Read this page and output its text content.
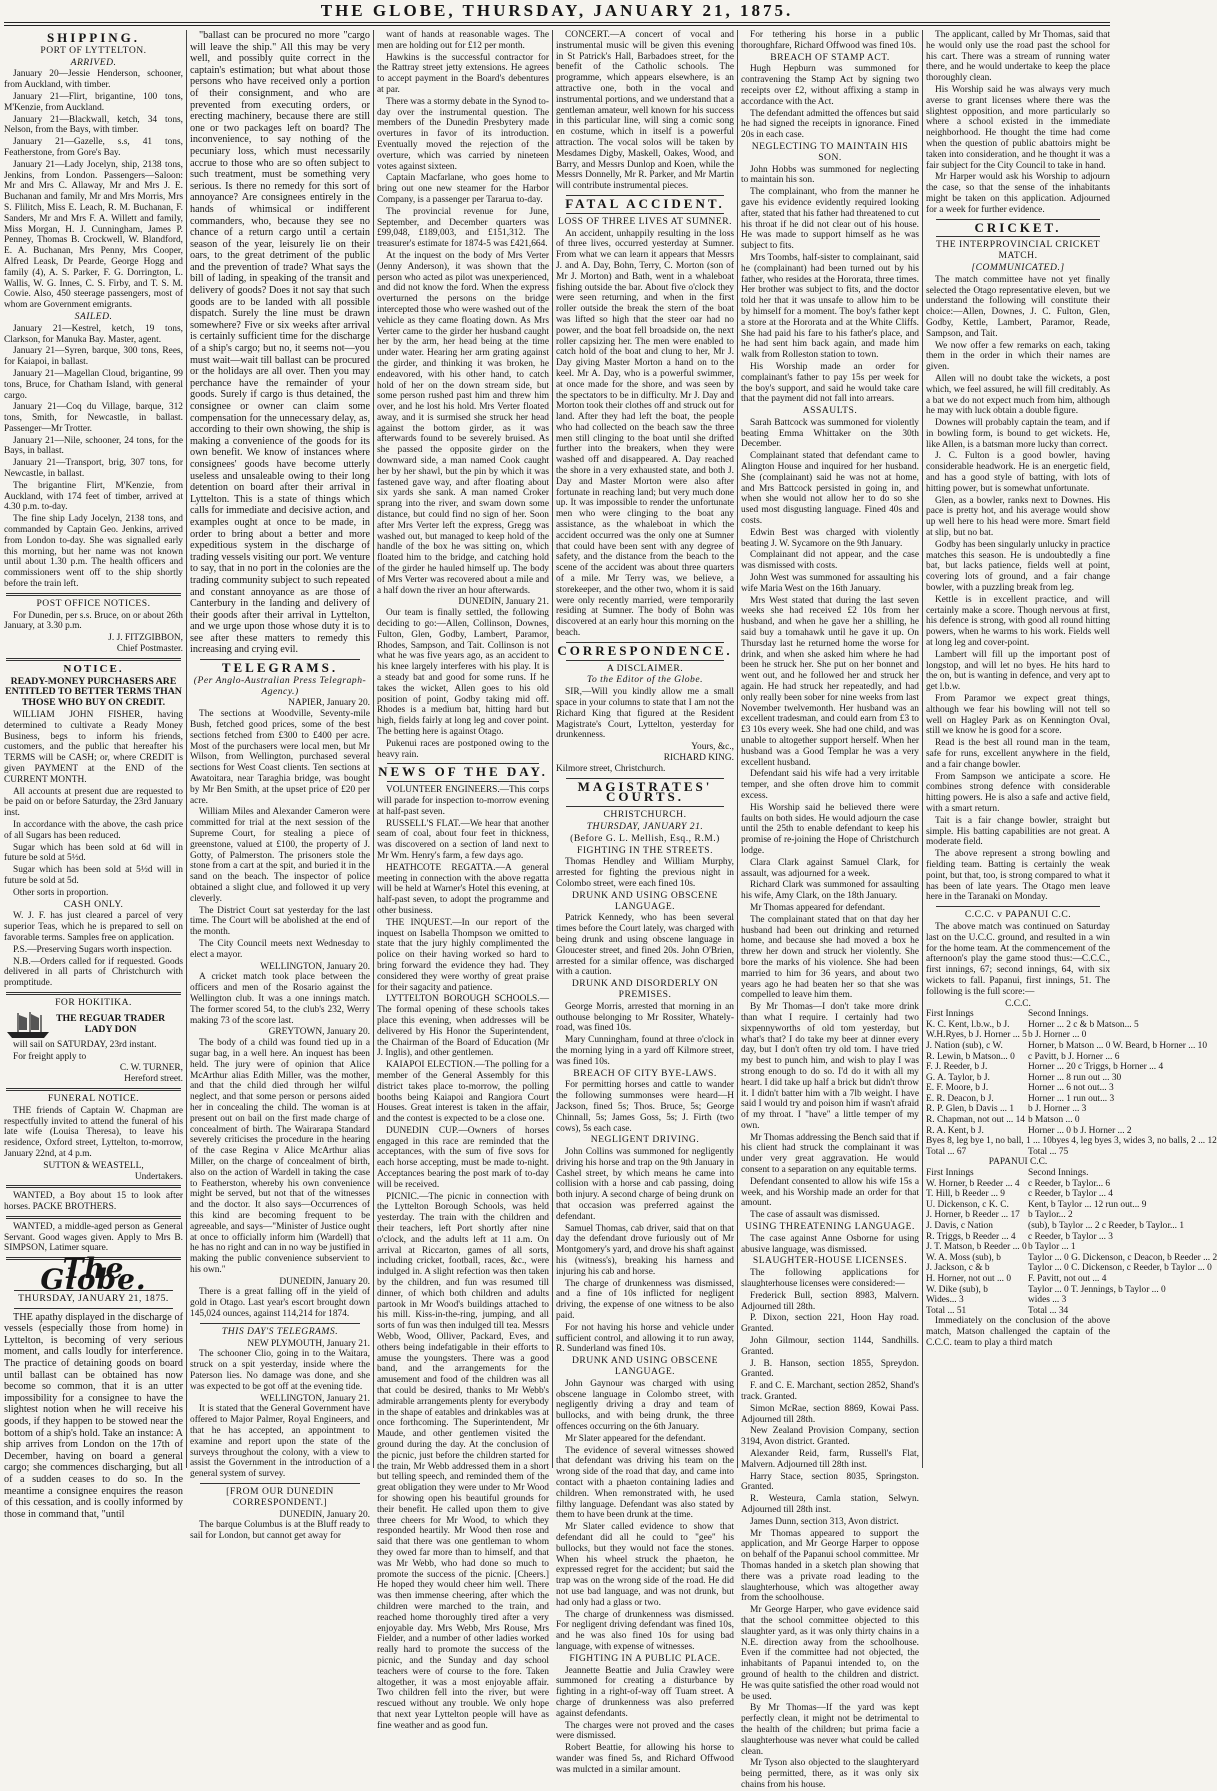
THE GLOBE, THURSDAY, JANUARY 21, 1875.
SHIPPING.
PORT OF LYTTELTON.
ARRIVED.

January 20—Jessie Henderson, schooner, from Auckland, with timber.

January 21—Flirt, brigantine, 100 tons, M'Kenzie, from Auckland.

January 21—Blackwall, ketch, 34 tons, Nelson, from the Bays, with timber.

January 21—Gazelle, s.s, 41 tons, Featherstone, from Gore's Bay.

January 21—Lady Jocelyn, ship, 2138 tons, Jenkins, from London. Passengers—Saloon: Mr and Mrs C. Allaway, Mr and Mrs J. E. Buchanan and family, Mr and Mrs Morris, Mrs S. Flilitch, Miss E. Leach, R. M. Buchanan, F. Sanders, Mr and Mrs F. A. Willett and family, Miss Morgan, H. J. Cunningham, James P. Penney, Thomas B. Crockwell, W. Blandford, E. A. Buchanan, Mrs Penny, Mrs Cooper, Alfred Leask, Dr Pearde, George Hogg and family (4), A. S. Parker, F. G. Dorrington, L. Wallis, W. G. Innes, C. S. Firby, and T. S. M. Cowie. Also, 450 steerage passengers, most of whom are Government emigrants.

SAILED.

January 21—Kestrel, ketch, 19 tons, Clarkson, for Manuka Bay. Master, agent.

January 21—Syren, barque, 300 tons, Rees, for Kaiapoi, in ballast.

January 21—Magellan Cloud, brigantine, 99 tons, Bruce, for Chatham Island, with general cargo.

January 21—Coq du Village, barque, 312 tons, Smith, for Newcastle, in ballast. Passenger—Mr Trotter.

January 21—Nile, schooner, 24 tons, for the Bays, in ballast.

January 21—Transport, brig, 307 tons, for Newcastle, in ballast.

The brigantine Flirt, M'Kenzie, from Auckland, with 174 feet of timber, arrived at 4.30 p.m. to-day.

The fine ship Lady Jocelyn, 2138 tons, and commanded by Captain Geo. Jenkins, arrived from London to-day. She was signalled early this morning, but her name was not known until about 1.30 p.m. The health officers and commissioners went off to the ship shortly before the train left.

POST OFFICE NOTICES.

For Dunedin, per s.s. Bruce, on or about 26th January, at 3.30 p.m.

J. J. FITZGIBBON,
Chief Postmaster.
NOTICE.

READY-MONEY PURCHASERS ARE ENTITLED TO BETTER TERMS THAN THOSE WHO BUY ON CREDIT.

WILLIAM JOHN FISHER, having determined to cultivate a Ready Money Business, begs to inform his friends, customers, and the public that hereafter his TERMS will be CASH; or, where CREDIT is given PAYMENT at the END of the CURRENT MONTH.

All accounts at present due are requested to be paid on or before Saturday, the 23rd January inst.

In accordance with the above, the cash price of all Sugars has been reduced.

Sugar which has been sold at 6d will in future be sold at 5½d.

Sugar which has been sold at 5½d will in future be sold at 5d.

Other sorts in proportion.

CASH ONLY.

W. J. F. has just cleared a parcel of very superior Teas, which he is prepared to sell on favorable terms. Samples free on application.

P.S.—Preserving Sugars worth inspection.

N.B.—Orders called for if requested. Goods delivered in all parts of Christchurch with promptitude.

FOR HOKITIKA.
THE REGUAR TRADER
LADY DON

will sail on SATURDAY, 23rd instant.

For freight apply to

C. W. TURNER,
Hereford street.
FUNERAL NOTICE.

THE friends of Captain W. Chapman are respectfully invited to attend the funeral of his late wife (Louisa Theresa), to leave his residence, Oxford street, Lyttelton, to-morrow, January 22nd, at 4 p.m.

SUTTON & WEASTELL,
Undertakers.

WANTED, a Boy about 15 to look after horses. PACKE BROTHERS.

WANTED, a middle-aged person as General Servant. Good wages given. Apply to Mrs B. SIMPSON, Latimer square.

The Globe.
THURSDAY, JANUARY 21, 1875.

THE apathy displayed in the discharge of vessels (especially those from home) in Lyttelton, is becoming of very serious moment, and calls loudly for interference. The practice of detaining goods on board until ballast can be obtained has now become so common, that it is an utter impossibility for a consignee to have the slightest notion when he will receive his goods, if they happen to be stowed near the bottom of a ship's hold. Take an instance: A ship arrives from London on the 17th of December, having on board a general cargo; she commences discharging, but all of a sudden ceases to do so. In the meantime a consignee enquires the reason of this cessation, and is coolly informed by those in command that, "until

"ballast can be procured no more "cargo will leave the ship." All this may be very well, and possibly quite correct in the captain's estimation; but what about those persons who have received only a portion of their consignment, and who are prevented from executing orders, or erecting machinery, because there are still one or two packages left on board? The inconvenience, to say nothing of the pecuniary loss, which must necessarily accrue to those who are so often subject to such treatment, must be something very serious. Is there no remedy for this sort of annoyance? Are consignees entirely in the hands of whimsical or indifferent commanders, who, because they see no chance of a return cargo until a certain season of the year, leisurely lie on their oars, to the great detriment of the public and the prevention of trade? What says the bill of lading, in speaking of the transit and delivery of goods? Does it not say that such goods are to be landed with all possible dispatch. Surely the line must be drawn somewhere? Five or six weeks after arrival is certainly sufficient time for the discharge of a ship's cargo; but no, it seems not—you must wait—wait till ballast can be procured or the holidays are all over. Then you may perchance have the remainder of your goods. Surely if cargo is thus detained, the consignee or owner can claim some compensation for the unnecessary delay, as, according to their own showing, the ship is making a convenience of the goods for its own benefit. We know of instances where consignees' goods have become utterly useless and unsaleable owing to their long detention on board after their arrival in Lyttelton. This is a state of things which calls for immediate and decisive action, and examples ought at once to be made, in order to bring about a better and more expeditious system in the discharge of trading vessels visiting our port. We venture to say, that in no port in the colonies are the trading community subject to such repeated and constant annoyance as are those of Canterbury in the landing and delivery of their goods after their arrival in Lyttelton, and we urge upon those whose duty it is to see after these matters to remedy this increasing and crying evil.

TELEGRAMS.
(Per Anglo-Australian Press Telegraph-Agency.)
NAPIER, January 20.

The sections at Woodville, Seventy-mile Bush, fetched good prices, some of the best sections fetched from £300 to £400 per acre. Most of the purchasers were local men, but Mr Wilson, from Wellington, purchased several sections for West Coast clients. Ten sections at Awatoitara, near Taraghia bridge, was bought by Mr Ben Smith, at the upset price of £20 per acre.

William Miles and Alexander Cameron were committed for trial at the next session of the Supreme Court, for stealing a piece of greenstone, valued at £100, the property of J. Gotty, of Palmerston. The prisoners stole the stone from a cart at the spit, and buried it in the sand on the beach. The inspector of police obtained a slight clue, and followed it up very cleverly.

The District Court sat yesterday for the last time. The Court will be abolished at the end of the month.

The City Council meets next Wednesday to elect a mayor.

WELLINGTON, January 20.

A cricket match took place between the officers and men of the Rosario against the Wellington club. It was a one innings match. The former scored 54, to the club's 232, Werry making 73 of the score last.

GREYTOWN, January 20.

The body of a child was found tied up in a sugar bag, in a well here. An inquest has been held. The jury were of opinion that Alice McArthur alias Edith Miller, was the mother, and that the child died through her wilful neglect, and that some person or persons aided her in concealing the child. The woman is at present out on bail on the first made charge of concealment of birth. The Wairarapa Standard severely criticises the procedure in the hearing of the case Regina v Alice McArthur alias Miller, on the charge of concealment of birth, also on the action of Wardell in taking the case to Featherston, whereby his own convenience might be served, but not that of the witnesses and the doctor. It also says—Occurrences of this kind are becoming frequent to be agreeable, and says—"Minister of Justice ought at once to officially inform him (Wardell) that he has no right and can in no way be justified in making the public convenience subservient to his own."

DUNEDIN, January 20.

There is a great falling off in the yield of gold in Otago. Last year's escort brought down 145,024 ounces, against 114,214 for 1874.

THIS DAY'S TELEGRAMS.
NEW PLYMOUTH, January 21.

The schooner Clio, going in to the Waitara, struck on a spit yesterday, inside where the Paterson lies. No damage was done, and she was expected to be got off at the evening tide.

WELLINGTON, January 21.

It is stated that the General Government have offered to Major Palmer, Royal Engineers, and that he has accepted, an appointment to examine and report upon the state of the surveys throughout the colony, with a view to assist the Government in the introduction of a general system of survey.

[FROM OUR DUNEDIN CORRESPONDENT.]
DUNEDIN, January 20.

The barque Columbus is at the Bluff ready to sail for London, but cannot get away for

want of hands at reasonable wages. The men are holding out for £12 per month.

Hawkins is the successful contractor for the Rattray street jetty extensions. He agrees to accept payment in the Board's debentures at par.

There was a stormy debate in the Synod to-day over the instrumental question. The members of the Dunedin Presbytery made overtures in favor of its introduction. Eventually moved the rejection of the overture, which was carried by nineteen votes against sixteen.

Captain Macfarlane, who goes home to bring out one new steamer for the Harbor Company, is a passenger per Tararua to-day.

The provincial revenue for June, September, and December quarters was £99,048, £189,003, and £151,312. The treasurer's estimate for 1874-5 was £421,664.

At the inquest on the body of Mrs Verter (Jenny Anderson), it was shown that the person who acted as pilot was unexperienced, and did not know the ford. When the express overturned the persons on the bridge intercepted those who were washed out of the vehicle as they came floating down. As Mrs Verter came to the girder her husband caught her by the arm, her head being at the time under water. Hearing her arm grating against the girder, and thinking it was broken, he endeavored, with his other hand, to catch hold of her on the down stream side, but some person rushed past him and threw him over, and he lost his hold. Mrs Verter floated away, and it is surmised she struck her head against the bottom girder, as it was afterwards found to be severely bruised. As she passed the opposite girder on the downward side, a man named Cook caught her by her shawl, but the pin by which it was fastened gave way, and after floating about six yards she sank. A man named Croker sprang into the river, and swam down some distance, but could find no sign of her. Soon after Mrs Verter left the express, Gregg was washed out, but managed to keep hold of the handle of the box he was sitting on, which floated him to the bridge, and catching hold of the girder he hauled himself up. The body of Mrs Verter was recovered about a mile and a half down the river an hour afterwards.

DUNEDIN, January 21.

Our team is finally settled, the following deciding to go:—Allen, Collinson, Downes, Fulton, Glen, Godby, Lambert, Paramor, Rhodes, Sampson, and Tait. Collinson is not what he was five years ago, as an accident to his knee largely interferes with his play. It is a steady bat and good for some runs. If he takes the wicket, Allen goes to his old position of point, Godby taking mid off. Rhodes is a medium bat, hitting hard but high, fields fairly at long leg and cover point. The betting here is against Otago.

Pukenui races are postponed owing to the heavy rain.

NEWS OF THE DAY.

VOLUNTEER ENGINEERS.—This corps will parade for inspection to-morrow evening at half-past seven.

RUSSELL'S FLAT.—We hear that another seam of coal, about four feet in thickness, was discovered on a section of land next to Mr Wm. Henry's farm, a few days ago.

HEATHCOTE REGATTA.—A general meeting in connection with the above regatta will be held at Warner's Hotel this evening, at half-past seven, to adopt the programme and other business.

THE INQUEST.—In our report of the inquest on Isabella Thompson we omitted to state that the jury highly complimented the police on their having worked so hard to bring forward the evidence they had. They considered they were worthy of great praise for their sagacity and patience.

LYTTELTON BOROUGH SCHOOLS.—The formal opening of these schools takes place this evening, when addresses will be delivered by His Honor the Superintendent, the Chairman of the Board of Education (Mr J. Inglis), and other gentlemen.

KAIAPOI ELECTION.—The polling for a member of the General Assembly for this district takes place to-morrow, the polling booths being Kaiapoi and Rangiora Court Houses. Great interest is taken in the affair, and the contest is expected to be a close one.

DUNEDIN CUP.—Owners of horses engaged in this race are reminded that the acceptances, with the sum of five sovs for each horse accepting, must be made to-night. Acceptances bearing the post mark of to-day will be received.

PICNIC.—The picnic in connection with the Lyttelton Borough Schools, was held yesterday. The train with the children and their teachers, left Port shortly after nine o'clock, and the adults left at 11 a.m. On arrival at Riccarton, games of all sorts, including cricket, football, races, &c., were indulged in. A slight refection was then taken by the children, and fun was resumed till dinner, of which both children and adults partook in Mr Wood's buildings attached to his mill. Kiss-in-the-ring, jumping, and all sorts of fun was then indulged till tea. Messrs Webb, Wood, Olliver, Packard, Eves, and others being indefatigable in their efforts to amuse the youngsters. There was a good band, and the arrangements for the amusement and food of the children was all that could be desired, thanks to Mr Webb's admirable arrangements plenty for everybody in the shape of eatables and drinkables was at once forthcoming. The Superintendent, Mr Maude, and other gentlemen visited the ground during the day. At the conclusion of the picnic, just before the children started for the train, Mr Webb addressed them in a short but telling speech, and reminded them of the great obligation they were under to Mr Wood for showing open his beautiful grounds for their benefit. He called upon them to give three cheers for Mr Wood, to which they responded heartily. Mr Wood then rose and said that there was one gentleman to whom they owed far more than to himself, and that was Mr Webb, who had done so much to promote the success of the picnic. [Cheers.] He hoped they would cheer him well. There was then immense cheering, after which the children were marched to the train, and reached home thoroughly tired after a very enjoyable day. Mrs Webb, Mrs Rouse, Mrs Fielder, and a number of other ladies worked really hard to promote the success of the picnic, and the Sunday and day school teachers were of course to the fore. Taken altogether, it was a most enjoyable affair. Two children fell into the river, but were rescued without any trouble. We only hope that next year Lyttelton people will have as fine weather and as good fun.

CONCERT.—A concert of vocal and instrumental music will be given this evening in St Patrick's Hall, Barbadoes street, for the benefit of the Catholic schools. The programme, which appears elsewhere, is an attractive one, both in the vocal and instrumental portions, and we understand that a gentleman amateur, well known for his success in this particular line, will sing a comic song en costume, which in itself is a powerful attraction. The vocal solos will be taken by Mesdames Digby, Maskell, Oakes, Wood, and Barry, and Messrs Dunlop and Koen, while the Messrs Donnelly, Mr R. Parker, and Mr Martin will contribute instrumental pieces.

FATAL ACCIDENT.
LOSS OF THREE LIVES AT SUMNER.

An accident, unhappily resulting in the loss of three lives, occurred yesterday at Sumner. From what we can learn it appears that Messrs J. and A. Day, Bohn, Terry, C. Morton (son of Mr J. Morton) and Bath, went in a whaleboat fishing outside the bar. About five o'clock they were seen returning, and when in the first roller outside the break the stern of the boat was lifted so high that the steer oar had no power, and the boat fell broadside on, the next roller capsizing her. The men were enabled to catch hold of the boat and clung to her, Mr J. Day giving Master Morton a hand on to the keel. Mr A. Day, who is a powerful swimmer, at once made for the shore, and was seen by the spectators to be in difficulty. Mr J. Day and Morton took their clothes off and struck out for land. After they had left the boat, the people who had collected on the beach saw the three men still clinging to the boat until she drifted further into the breakers, when they were washed off and disappeared. A. Day reached the shore in a very exhausted state, and both J. Day and Master Morton were also after fortunate in reaching land; but very much done up. It was impossible to render the unfortunate men who were clinging to the boat any assistance, as the whaleboat in which the accident occurred was the only one at Sumner that could have been sent with any degree of safety, and the distance from the beach to the scene of the accident was about three quarters of a mile. Mr Terry was, we believe, a storekeeper, and the other two, whom it is said were only recently married, were temporarily residing at Sumner. The body of Bohn was discovered at an early hour this morning on the beach.

CORRESPONDENCE.
A DISCLAIMER.
To the Editor of the Globe.

SIR,—Will you kindly allow me a small space in your columns to state that I am not the Richard King that figured at the Resident Magistrate's Court, Lyttelton, yesterday for drunkenness.

Yours, &c.,
RICHARD KING.
Kilmore street, Christchurch.
MAGISTRATES' COURTS.
CHRISTCHURCH.
THURSDAY, JANUARY 21.
(Before G. L. Mellish, Esq., R.M.)
FIGHTING IN THE STREETS.

Thomas Hendley and William Murphy, arrested for fighting the previous night in Colombo street, were each fined 10s.

DRUNK AND USING OBSCENE LANGUAGE.

Patrick Kennedy, who has been several times before the Court lately, was charged with being drunk and using obscene language in Gloucester street, and fined 20s. John O'Brien, arrested for a similar offence, was discharged with a caution.

DRUNK AND DISORDERLY ON PREMISES.

George Morris, arrested that morning in an outhouse belonging to Mr Rossiter, Whately-road, was fined 10s.

Mary Cunningham, found at three o'clock in the morning lying in a yard off Kilmore street, was fined 10s.

BREACH OF CITY BYE-LAWS.

For permitting horses and cattle to wander the following summonses were heard—H Jackson, fined 5s; Thos. Bruce, 5s; George Chinnall, 5s; James Goss, 5s; J. Firth (two cows), 5s each case.

NEGLIGENT DRIVING.

John Collins was summoned for negligently driving his horse and trap on the 9th January in Cashel street, by which means he came into collision with a horse and cab passing, doing both injury. A second charge of being drunk on that occasion was preferred against the defendant.

Samuel Thomas, cab driver, said that on that day the defendant drove furiously out of Mr Montgomery's yard, and drove his shaft against his (witness's), breaking his harness and injuring his cab and horse.

The charge of drunkenness was dismissed, and a fine of 10s inflicted for negligent driving, the expense of one witness to be also paid.

For not having his horse and vehicle under sufficient control, and allowing it to run away, R. Sunderland was fined 10s.

DRUNK AND USING OBSCENE LANGUAGE.

John Gaynour was charged with using obscene language in Colombo street, with negligently driving a dray and team of bullocks, and with being drunk, the three offences occurring on the 6th January.

Mr Slater appeared for the defendant.

The evidence of several witnesses showed that defendant was driving his team on the wrong side of the road that day, and came into contact with a phaeton containing ladies and children. When remonstrated with, he used filthy language. Defendant was also stated by them to have been drunk at the time.

Mr Slater called evidence to show that defendant did all he could to "gee" his bullocks, but they would not face the stones. When his wheel struck the phaeton, he expressed regret for the accident; but said the trap was on the wrong side of the road. He did not use bad language, and was not drunk, but had only had a glass or two.

The charge of drunkenness was dismissed. For negligent driving defendant was fined 10s, and he was also fined 10s for using bad language, with expense of witnesses.

FIGHTING IN A PUBLIC PLACE.

Jeannette Beattie and Julia Crawley were summoned for creating a disturbance by fighting in a right-of-way off Tuam street. A charge of drunkenness was also preferred against defendants.

The charges were not proved and the cases were dismissed.

Robert Beattie, for allowing his horse to wander was fined 5s, and Richard Offwood was mulcted in a similar amount.

For tethering his horse in a public thoroughfare, Richard Offwood was fined 10s.

BREACH OF STAMP ACT.

Hugh Hepburn was summoned for contravening the Stamp Act by signing two receipts over £2, without affixing a stamp in accordance with the Act.

The defendant admitted the offences but said he had signed the receipts in ignorance. Fined 20s in each case.

NEGLECTING TO MAINTAIN HIS SON.

John Hobbs was summoned for neglecting to maintain his son.

The complainant, who from the manner he gave his evidence evidently required looking after, stated that his father had threatened to cut his throat if he did not clear out of his house. He was made to support himself as he was subject to fits.

Mrs Toombs, half-sister to complainant, said he (complainant) had been turned out by his father, who resides at the Hororata, three times. Her brother was subject to fits, and the doctor told her that it was unsafe to allow him to be by himself for a moment. The boy's father kept a store at the Hororata and at the White Cliffs. She had paid his fare to his father's place, and he had sent him back again, and made him walk from Rolleston station to town.

His Worship made an order for complainant's father to pay 15s per week for the boy's support, and said he would take care that the payment did not fall into arrears.

ASSAULTS.

Sarah Battcock was summoned for violently beating Emma Whittaker on the 30th December.

Complainant stated that defendant came to Alington House and inquired for her husband. She (complainant) said he was not at home, and Mrs Battcock persisted in going in, and when she would not allow her to do so she used most disgusting language. Fined 40s and costs.

Edwin Best was charged with violently beating J. W. Sycamore on the 9th January.

Complainant did not appear, and the case was dismissed with costs.

John West was summoned for assaulting his wife Maria West on the 16th January.

Mrs West stated that during the last seven weeks she had received £2 10s from her husband, and when he gave her a shilling, he said buy a tomahawk until he gave it up. On Thursday last he returned home the worse for drink, and when she asked him where he had been he struck her. She put on her bonnet and went out, and he followed her and struck her again. He had struck her repeatedly, and had only really been sober for nine weeks from last November twelvemonth. Her husband was an excellent tradesman, and could earn from £3 to £3 10s every week. She had one child, and was unable to altogether support herself. When her husband was a Good Templar he was a very excellent husband.

Defendant said his wife had a very irritable temper, and she often drove him to commit excess.

His Worship said he believed there were faults on both sides. He would adjourn the case until the 25th to enable defendant to keep his promise of re-joining the Hope of Christchurch lodge.

Clara Clark against Samuel Clark, for assault, was adjourned for a week.

Richard Clark was summoned for assaulting his wife, Amy Clark, on the 18th January.

Mr Thomas appeared for defendant.

The complainant stated that on that day her husband had been out drinking and returned home, and because she had moved a box he threw her down and struck her violently. She bore the marks of his violence. She had been married to him for 36 years, and about two years ago he had beaten her so that she was compelled to leave him them.

By Mr Thomas—I don't take more drink than what I require. I certainly had two sixpennyworths of old tom yesterday, but what's that? I do take my beer at dinner every day, but I don't often try old tom. I have tried my best to punch him, and wish to play I was strong enough to do so. I'd do it with all my heart. I did take up half a brick but didn't throw it. I didn't batter him with a 7lb weight. I have said I would try and poison him if wasn't afraid of my throat. I "have" a little temper of my own.

Mr Thomas addressing the Bench said that if his client had struck the complainant it was under very great aggravation. He would consent to a separation on any equitable terms.

Defendant consented to allow his wife 15s a week, and his Worship made an order for that amount.

The case of assault was dismissed.

USING THREATENING LANGUAGE.

The case against Anne Osborne for using abusive language, was dismissed.

SLAUGHTER-HOUSE LICENSES.

The following applications for slaughterhouse licenses were considered:—

Frederick Bull, section 8983, Malvern. Adjourned till 28th.

P. Dixon, section 221, Hoon Hay road. Granted.

John Gilmour, section 1144, Sandhills. Granted.

J. B. Hanson, section 1855, Spreydon. Granted.

F. and C. E. Marchant, section 2852, Shand's track. Granted.

Simon McRae, section 8869, Kowai Pass. Adjourned till 28th.

New Zealand Provision Company, section 3194, Avon district. Granted.

Alexander Reid, farm, Russell's Flat, Malvern. Adjourned till 28th inst.

Harry Stace, section 8035, Springston. Granted.

R. Westeura, Camla station, Selwyn. Adjourned till 28th inst.

James Dunn, section 313, Avon district.

Mr Thomas appeared to support the application, and Mr George Harper to oppose on behalf of the Papanui school committee. Mr Thomas handed in a sketch plan showing that there was a private road leading to the slaughterhouse, which was altogether away from the schoolhouse.

Mr George Harper, who gave evidence said that the school committee objected to this slaughter yard, as it was only thirty chains in a N.E. direction away from the schoolhouse. Even if the committee had not objected, the inhabitants of Papanui intended to, on the ground of health to the children and district. He was quite satisfied the other road would not be used.

By Mr Thomas—If the yard was kept perfectly clean, it might not be detrimental to the health of the children; but prima facie a slaughterhouse was never what could be called clean.

Mr Tyson also objected to the slaughteryard being permitted, there, as it was only six chains from his house.

The applicant, called by Mr Thomas, said that he would only use the road past the school for his cart. There was a stream of running water there, and he would undertake to keep the place thoroughly clean.

His Worship said he was always very much averse to grant licenses where there was the slightest opposition, and more particularly so where a school existed in the immediate neighborhood. He thought the time had come when the question of public abattoirs might be taken into consideration, and he thought it was a fair subject for the City Council to take in hand.

Mr Harper would ask his Worship to adjourn the case, so that the sense of the inhabitants might be taken on this application. Adjourned for a week for further evidence.

CRICKET.
THE INTERPROVINCIAL CRICKET MATCH.
[COMMUNICATED.]

The match committee have not yet finally selected the Otago representative eleven, but we understand the following will constitute their choice:—Allen, Downes, J. C. Fulton, Glen, Godby, Kettle, Lambert, Paramor, Reade, Sampson, and Tait.

We now offer a few remarks on each, taking them in the order in which their names are given.

Allen will no doubt take the wickets, a post which, we feel assured, he will fill creditably. As a bat we do not expect much from him, although he may with luck obtain a double figure.

Downes will probably captain the team, and if in bowling form, is bound to get wickets. He, like Allen, is a batsman more lucky than correct.

J. C. Fulton is a good bowler, having considerable headwork. He is an energetic field, and has a good style of batting, with lots of hitting power, but is somewhat unfortunate.

Glen, as a bowler, ranks next to Downes. His pace is pretty hot, and his average would show up well here to his head were more. Smart field at slip, but no bat.

Godby has been singularly unlucky in practice matches this season. He is undoubtedly a fine bat, but lacks patience, fields well at point, covering lots of ground, and a fair change bowler, with a puzzling break from leg.

Kettle is in excellent practice, and will certainly make a score. Though nervous at first, his defence is strong, with good all round hitting powers, when he warms to his work. Fields well at long leg and cover-point.

Lambert will fill up the important post of longstop, and will let no byes. He hits hard to the on, but is wanting in defence, and very apt to get l.b.w.

From Paramor we expect great things, although we fear his bowling will not tell so well on Hagley Park as on Kennington Oval, still we know he is good for a score.

Read is the best all round man in the team, safe for runs, excellent anywhere in the field, and a fair change bowler.

From Sampson we anticipate a score. He combines strong defence with considerable hitting powers. He is also a safe and active field, with a smart return.

Tait is a fair change bowler, straight but simple. His batting capabilities are not great. A moderate field.

The above represent a strong bowling and fielding team. Batting is certainly the weak point, but that, too, is strong compared to what it has been of late years. The Otago men leave here in the Taranaki on Monday.

C.C.C. v PAPANUI C.C.

The above match was continued on Saturday last on the U.C.C. ground, and resulted in a win for the home team. At the commencement of the afternoon's play the game stood thus:—C.C.C., first innings, 67; second innings, 64, with six wickets to fall. Papanui, first innings, 51. The following is the full score:—

C.C.C.
First Innings	Second Innings.
K. C. Kent, l.b.w., b J.	Horner ... 2 c & b Matson... 5
W.H.Ryes, b J. Horner ... 5 b J. Horner ... 0
J. Nation (sub), c W.	Horner, b Matson ... 0 W. Beard, b Horner ... 10
R. Lewin, b Matson... 0	c Pavitt, b J. Horner ... 6
F. J. Reeder, b J.	Horner ... 20 c Triggs, b Horner ... 4
G. A. Taylor, b J.	Horner ... 8 run out ... 30
E. F. Moore, b J.	Horner ... 6 not out... 3
E. R. Deacon, b J.	Horner ... 1 run out... 3
R. P. Glen, b Davis ... 1	b J. Horner ... 3
R. Chapman, not out ... 14 b Matson ... 0
R. A. Kent, b J.	Horner ... 0 b J. Horner ... 2
Byes 8, leg bye 1, no ball, 1 ... 10 byes 4, leg byes 3, wides 3, no balls, 2 ... 12
Total ... 67	Total ... 75
PAPANUI C.C.
First Innings	Second Innings.
W. Horner, b Reeder ... 4 c Reeder, b Taylor... 6
T. Hill, b Reeder ... 9	c Reeder, b Taylor ... 4
U. Dickenson, c K. C.	Kent, b Taylor ... 12 run out... 9
J. Horner, b Reeder ... 17 b Taylor... 2
J. Davis, c Nation	(sub), b Taylor ... 2 c Reeder, b Taylor... 1
R. Triggs, b Reeder ... 4	c Reeder, b Taylor ... 3
J. T. Matson, b Reeder ... 0 b Taylor ... 1
W. A. Moss (sub), b	Taylor ... 0 G. Dickenson, c Deacon, b Reeder ... 2
J. Jackson, c & b	Taylor ... 0 C. Dickenson, c Reeder, b Taylor ... 0
H. Horner, not out ... 0	F. Pavitt, not out ... 4
W. Dike (sub), b	Taylor ... 0 T. Jennings, b Taylor ... 0
Wides... 3	wides ... 3
Total ... 51	Total ... 34

Immediately on the conclusion of the above match, Matson challenged the captain of the C.C.C. team to play a third match
